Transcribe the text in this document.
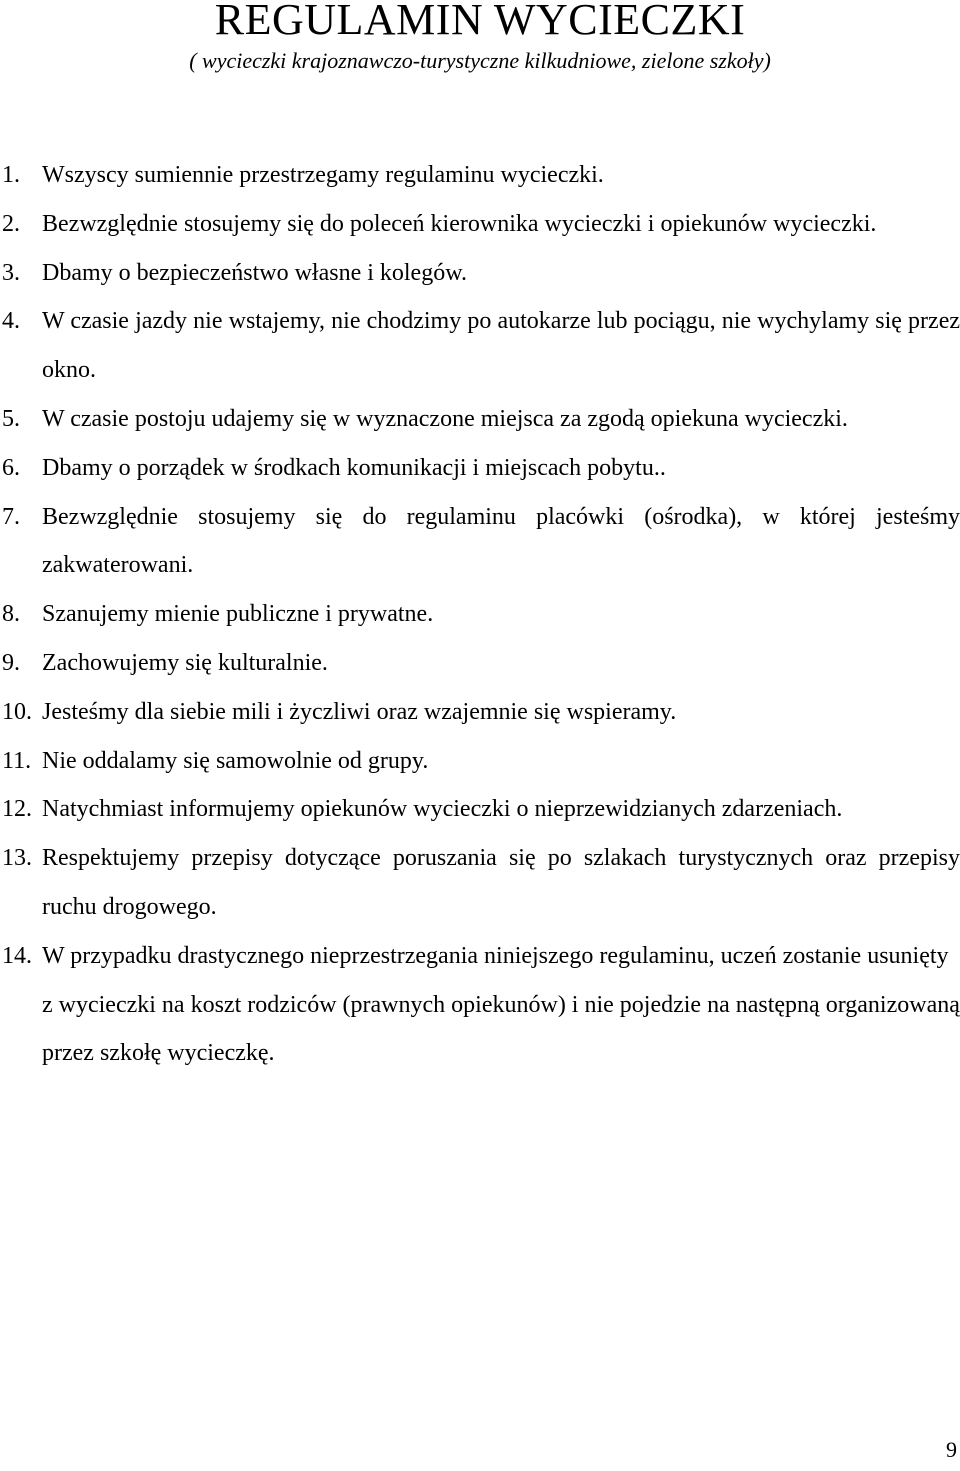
REGULAMIN WYCIECZKI

( wycieczki krajoznawczo-turystyczne kilkudniowe, zielone szkoły)

1. Wszyscy sumiennie przestrzegamy regulaminu wycieczki.
2. Bezwzględnie stosujemy się do poleceń kierownika wycieczki i opiekunów wycieczki.
3. Dbamy o bezpieczeństwo własne i kolegów.
4. W czasie jazdy nie wstajemy, nie chodzimy po autokarze lub pociągu, nie wychylamy się przez okno.
5. W czasie postoju udajemy się w wyznaczone miejsca za zgodą opiekuna wycieczki.
6. Dbamy o porządek w środkach komunikacji i miejscach pobytu..
7. Bezwzględnie stosujemy się do regulaminu placówki (ośrodka), w której jesteśmy zakwaterowani.
8. Szanujemy mienie publiczne i prywatne.
9. Zachowujemy się kulturalnie.
10. Jesteśmy dla siebie mili i życzliwi oraz wzajemnie się wspieramy.
11. Nie oddalamy się samowolnie od grupy.
12. Natychmiast informujemy opiekunów wycieczki o nieprzewidzianych zdarzeniach.
13. Respektujemy przepisy dotyczące poruszania się po szlakach turystycznych oraz przepisy ruchu drogowego.
14. W przypadku drastycznego nieprzestrzegania niniejszego regulaminu, uczeń zostanie usunięty z wycieczki na koszt rodziców (prawnych opiekunów) i nie pojedzie na następną organizowaną przez szkołę wycieczkę.
9
